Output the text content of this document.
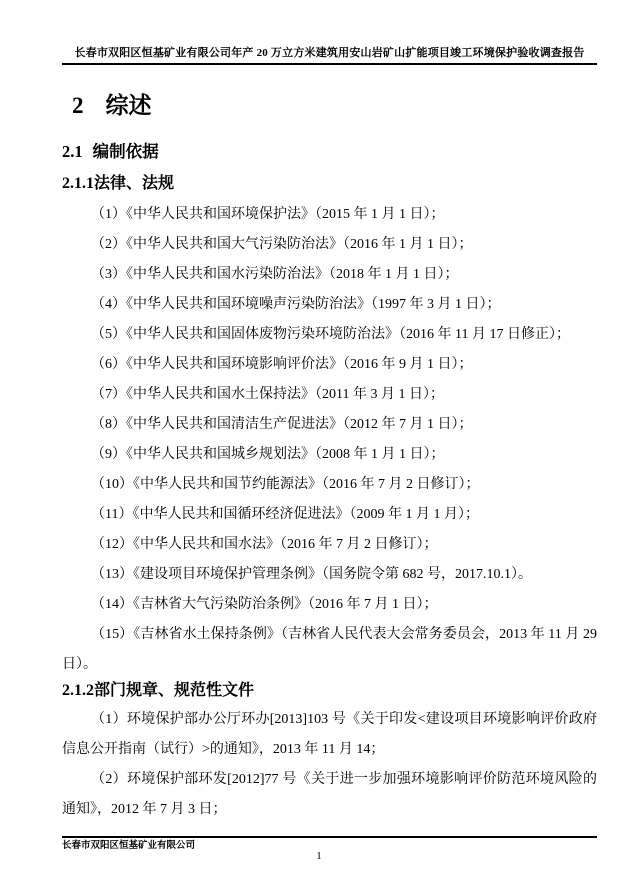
长春市双阳区恒基矿业有限公司年产 20 万立方米建筑用安山岩矿山扩能项目竣工环境保护验收调查报告
2 综述
2.1 编制依据
2.1.1法律、法规

（1）《中华人民共和国环境保护法》（2015 年 1 月 1 日）；

（2）《中华人民共和国大气污染防治法》（2016 年 1 月 1 日）；

（3）《中华人民共和国水污染防治法》（2018 年 1 月 1 日）；

（4）《中华人民共和国环境噪声污染防治法》（1997 年 3 月 1 日）；

（5）《中华人民共和国固体废物污染环境防治法》（2016 年 11 月 17 日修正）；

（6）《中华人民共和国环境影响评价法》（2016 年 9 月 1 日）；

（7）《中华人民共和国水土保持法》（2011 年 3 月 1 日）；

（8）《中华人民共和国清洁生产促进法》（2012 年 7 月 1 日）；

（9）《中华人民共和国城乡规划法》（2008 年 1 月 1 日）；

（10）《中华人民共和国节约能源法》（2016 年 7 月 2 日修订）；

（11）《中华人民共和国循环经济促进法》（2009 年 1 月 1 月）；

（12）《中华人民共和国水法》（2016 年 7 月 2 日修订）；

（13）《建设项目环境保护管理条例》（国务院令第 682 号，2017.10.1）。

（14）《吉林省大气污染防治条例》（2016 年 7 月 1 日）；

（15）《吉林省水土保持条例》（吉林省人民代表大会常务委员会，2013 年 11 月 29 日）。

2.1.2部门规章、规范性文件

（1）环境保护部办公厅环办[2013]103 号《关于印发<建设项目环境影响评价政府信息公开指南（试行）>的通知》，2013 年 11 月 14；

（2）环境保护部环发[2012]77 号《关于进一步加强环境影响评价防范环境风险的通知》，2012 年 7 月 3 日；

长春市双阳区恒基矿业有限公司
1
